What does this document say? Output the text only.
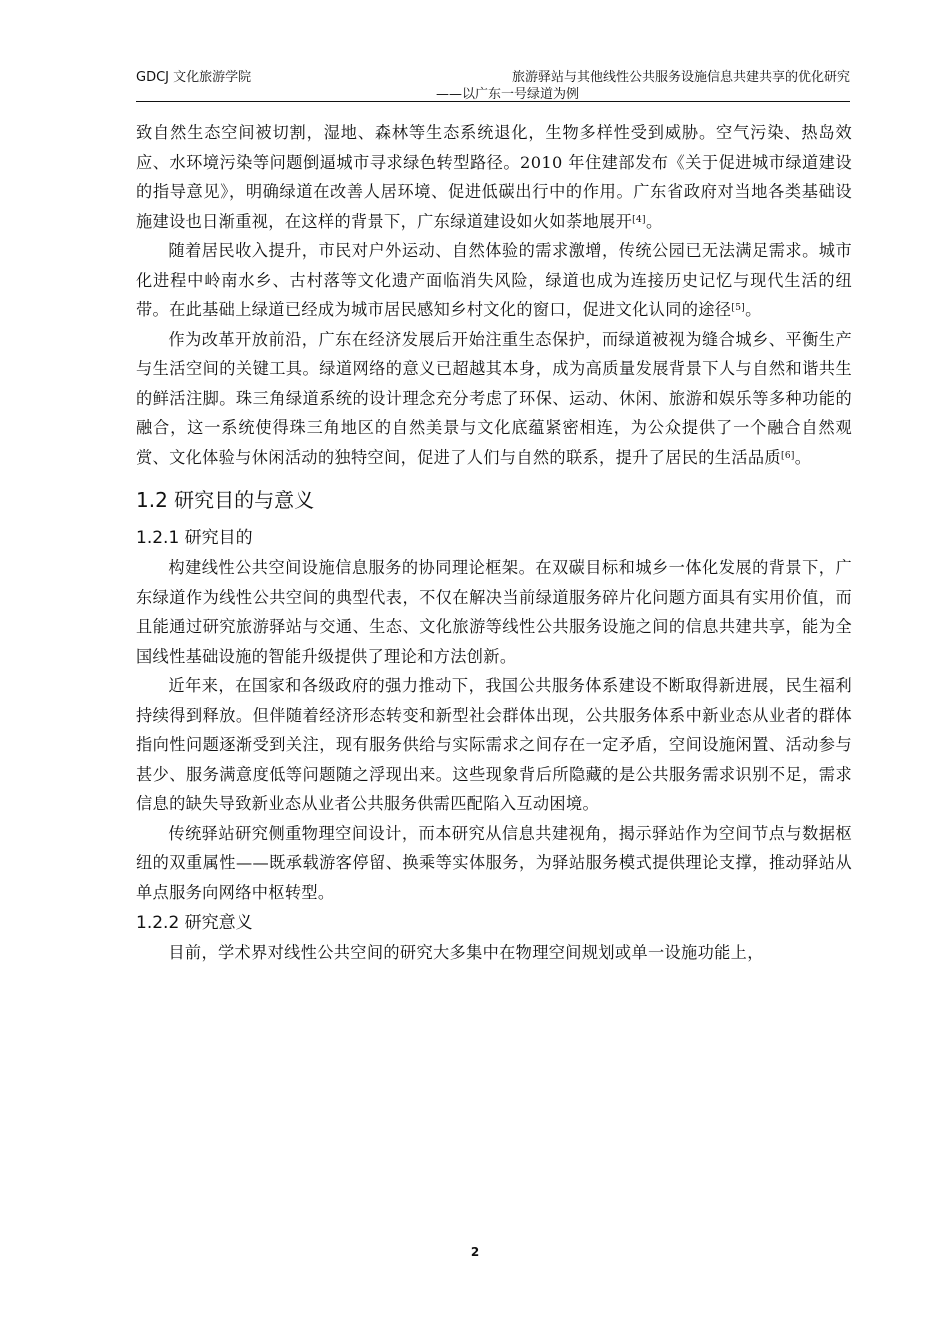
GDCJ 文化旅游学院	旅游驿站与其他线性公共服务设施信息共建共享的优化研究
——以广东一号绿道为例

致自然生态空间被切割，湿地、森林等生态系统退化，生物多样性受到威胁。空气污染、热岛效应、水环境污染等问题倒逼城市寻求绿色转型路径。2010 年住建部发布《关于促进城市绿道建设的指导意见》，明确绿道在改善人居环境、促进低碳出行中的作用。广东省政府对当地各类基础设施建设也日渐重视，在这样的背景下，广东绿道建设如火如荼地展开[4]。

随着居民收入提升，市民对户外运动、自然体验的需求激增，传统公园已无法满足需求。城市化进程中岭南水乡、古村落等文化遗产面临消失风险，绿道也成为连接历史记忆与现代生活的纽带。在此基础上绿道已经成为城市居民感知乡村文化的窗口，促进文化认同的途径[5]。

作为改革开放前沿，广东在经济发展后开始注重生态保护，而绿道被视为缝合城乡、平衡生产与生活空间的关键工具。绿道网络的意义已超越其本身，成为高质量发展背景下人与自然和谐共生的鲜活注脚。珠三角绿道系统的设计理念充分考虑了环保、运动、休闲、旅游和娱乐等多种功能的融合，这一系统使得珠三角地区的自然美景与文化底蕴紧密相连，为公众提供了一个融合自然观赏、文化体验与休闲活动的独特空间，促进了人们与自然的联系，提升了居民的生活品质[6]。

1.2 研究目的与意义
1.2.1 研究目的

构建线性公共空间设施信息服务的协同理论框架。在双碳目标和城乡一体化发展的背景下，广东绿道作为线性公共空间的典型代表，不仅在解决当前绿道服务碎片化问题方面具有实用价值，而且能通过研究旅游驿站与交通、生态、文化旅游等线性公共服务设施之间的信息共建共享，能为全国线性基础设施的智能升级提供了理论和方法创新。

近年来，在国家和各级政府的强力推动下，我国公共服务体系建设不断取得新进展，民生福利持续得到释放。但伴随着经济形态转变和新型社会群体出现，公共服务体系中新业态从业者的群体指向性问题逐渐受到关注，现有服务供给与实际需求之间存在一定矛盾，空间设施闲置、活动参与甚少、服务满意度低等问题随之浮现出来。这些现象背后所隐藏的是公共服务需求识别不足，需求信息的缺失导致新业态从业者公共服务供需匹配陷入互动困境。

传统驿站研究侧重物理空间设计，而本研究从信息共建视角，揭示驿站作为空间节点与数据枢纽的双重属性——既承载游客停留、换乘等实体服务，为驿站服务模式提供理论支撑，推动驿站从单点服务向网络中枢转型。

1.2.2 研究意义

目前，学术界对线性公共空间的研究大多集中在物理空间规划或单一设施功能上，

2
